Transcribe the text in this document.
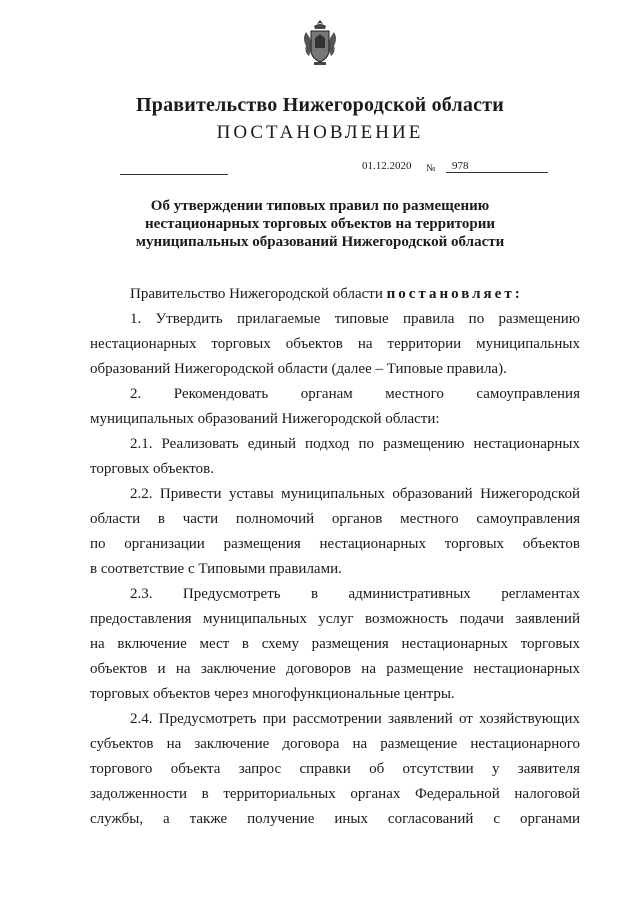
Правительство Нижегородской области
ПОСТАНОВЛЕНИЕ
01.12.2020 №	978
Об утверждении типовых правил по размещению
нестационарных торговых объектов на территории
муниципальных образований Нижегородской области

Правительство Нижегородской области постановляет:

1. Утвердить прилагаемые типовые правила по размещению

нестационарных торговых объектов на территории муниципальных

образований Нижегородской области (далее – Типовые правила).

2. Рекомендовать органам местного самоуправления

муниципальных образований Нижегородской области:

2.1. Реализовать единый подход по размещению нестационарных

торговых объектов.

2.2. Привести уставы муниципальных образований Нижегородской

области в части полномочий органов местного самоуправления

по организации размещения нестационарных торговых объектов

в соответствие с Типовыми правилами.

2.3. Предусмотреть в административных регламентах

предоставления муниципальных услуг возможность подачи заявлений

на включение мест в схему размещения нестационарных торговых

объектов и на заключение договоров на размещение нестационарных

торговых объектов через многофункциональные центры.

2.4. Предусмотреть при рассмотрении заявлений от хозяйствующих

субъектов на заключение договора на размещение нестационарного

торгового объекта запрос справки об отсутствии у заявителя

задолженности в территориальных органах Федеральной налоговой

службы, а также получение иных согласований с органами
